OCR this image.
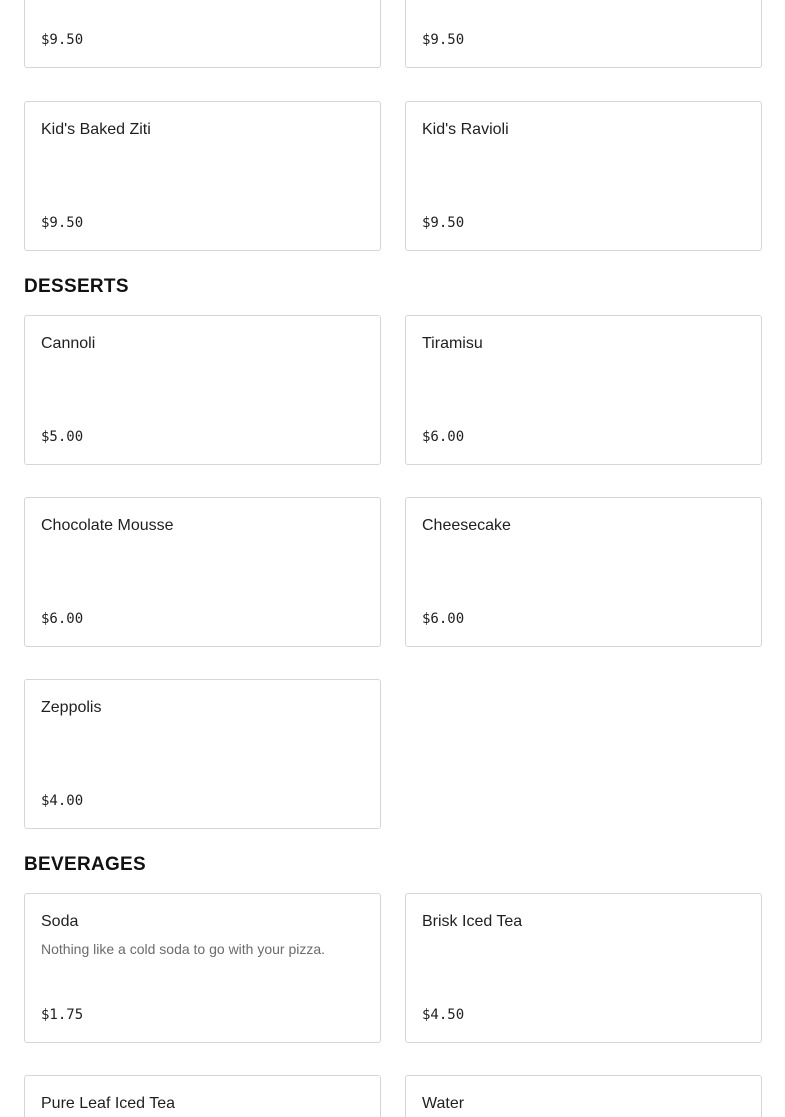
$9.50	$9.50
Kid's Baked Ziti
$9.50
Kid's Ravioli
$9.50
DESSERTS
Cannoli
$5.00
Tiramisu
$6.00
Chocolate Mousse
$6.00
Cheesecake
$6.00
Zeppolis
$4.00
BEVERAGES
Soda
Nothing like a cold soda to go with your pizza.
$1.75
Brisk Iced Tea
$4.50
Pure Leaf Iced Tea	Water
